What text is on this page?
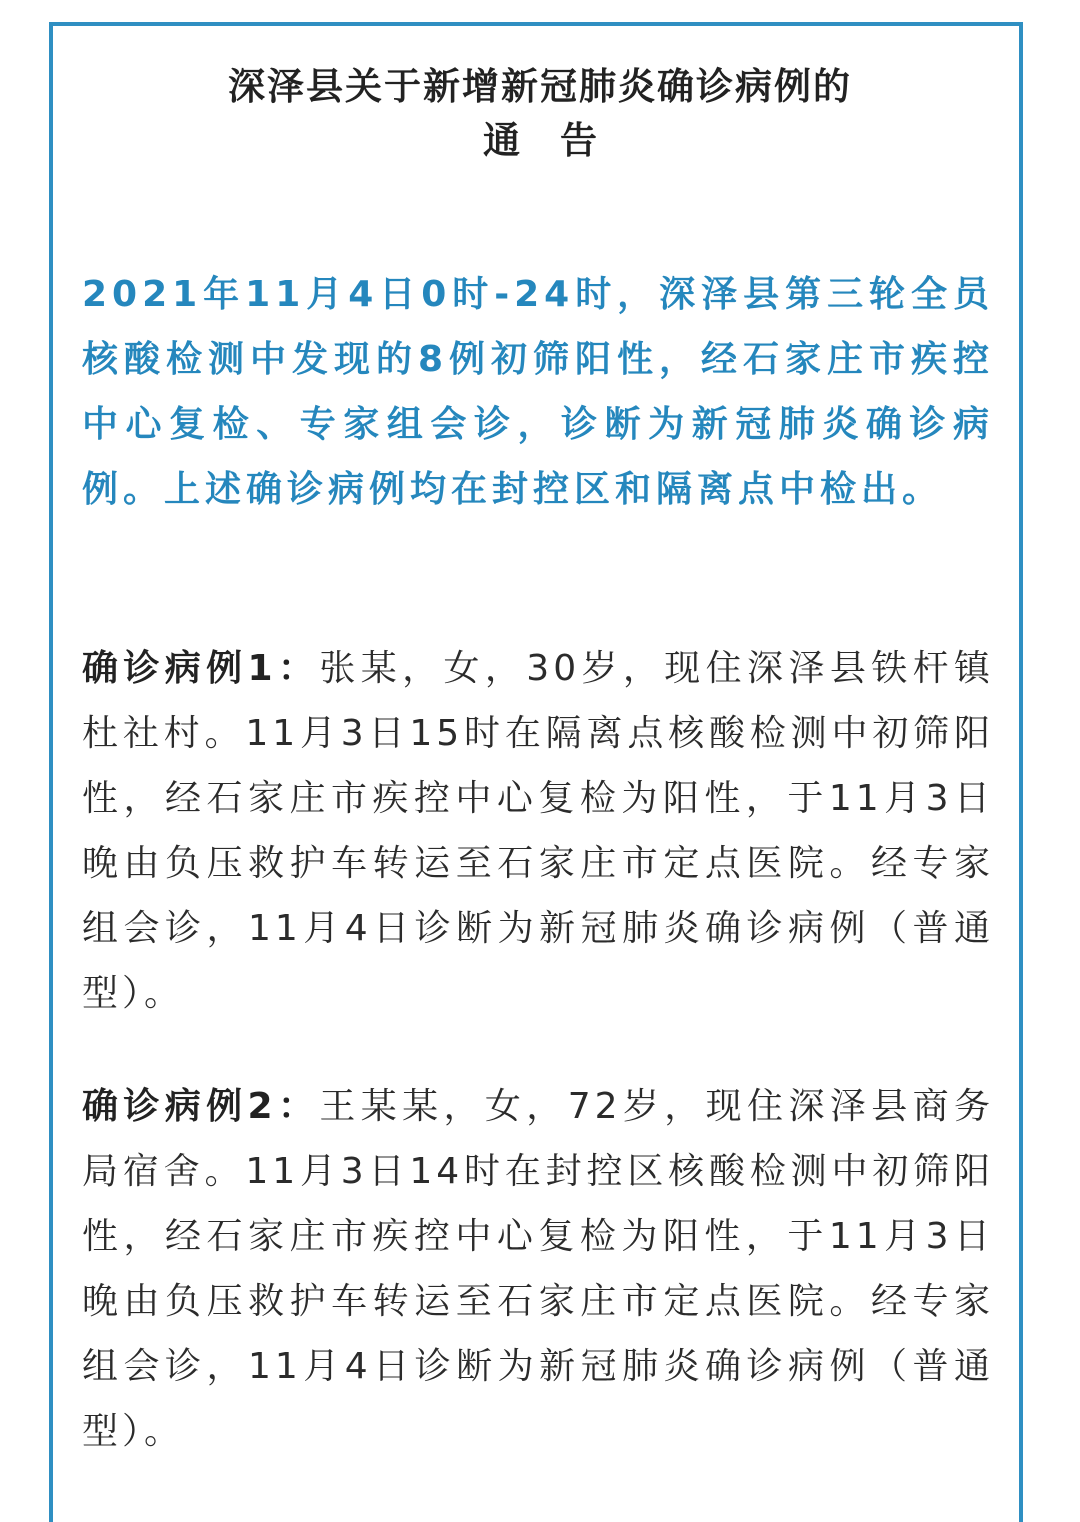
深泽县关于新增新冠肺炎确诊病例的
通告
2021年11月4日0时-24时，深泽县第三轮全员核酸检测中发现的8例初筛阳性，经石家庄市疾控中心复检、专家组会诊，诊断为新冠肺炎确诊病例。上述确诊病例均在封控区和隔离点中检出。
确诊病例1：张某，女，30岁，现住深泽县铁杆镇杜社村。11月3日15时在隔离点核酸检测中初筛阳性，经石家庄市疾控中心复检为阳性，于11月3日晚由负压救护车转运至石家庄市定点医院。经专家组会诊，11月4日诊断为新冠肺炎确诊病例（普通型）。
确诊病例2：王某某，女，72岁，现住深泽县商务局宿舍。11月3日14时在封控区核酸检测中初筛阳性，经石家庄市疾控中心复检为阳性，于11月3日晚由负压救护车转运至石家庄市定点医院。经专家组会诊，11月4日诊断为新冠肺炎确诊病例（普通型）。
